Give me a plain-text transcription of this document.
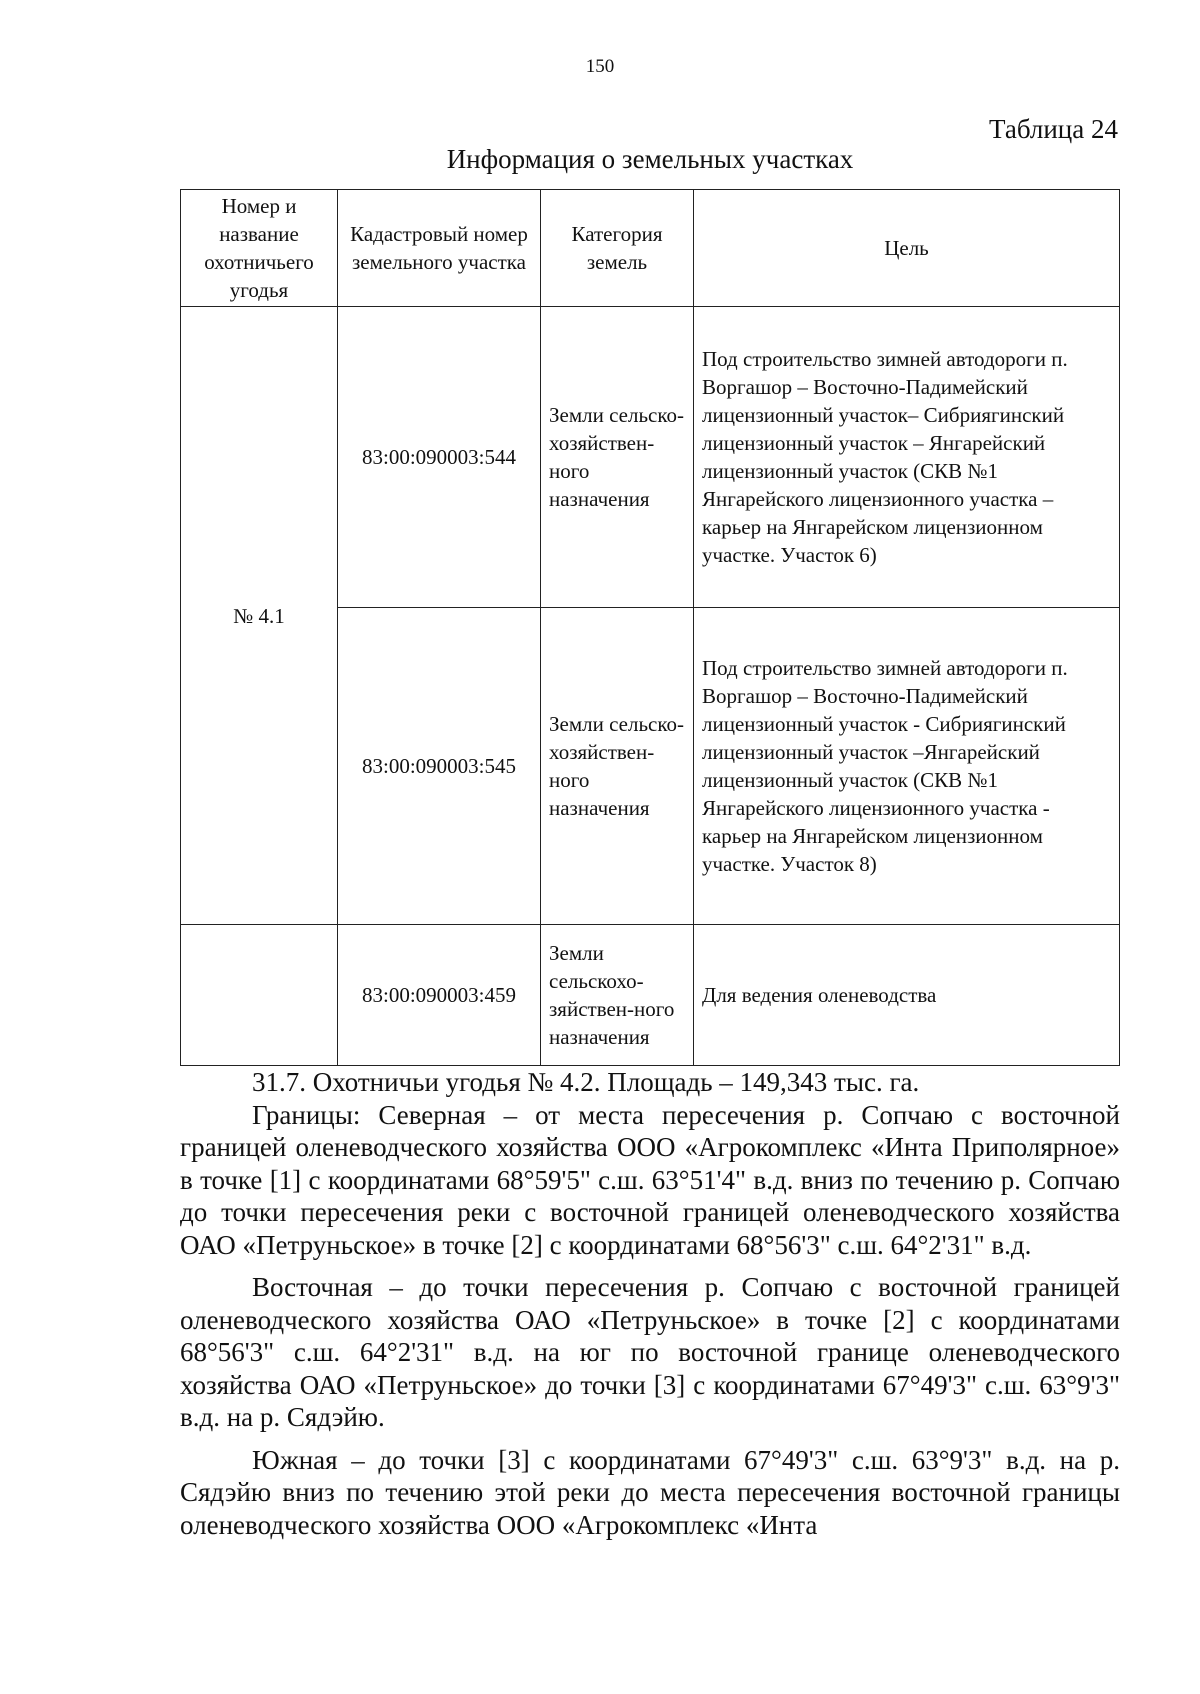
150
Таблица 24
Информация о земельных участках
Номер и название охотничьего угодья	Кадастровый номер земельного участка	Категория земель	Цель
№ 4.1	83:00:090003:544	Земли сельско-хозяйствен-ного назначения	Под строительство зимней автодороги п. Воргашор – Восточно-Падимейский лицензионный участок– Сибриягинский лицензионный участок – Янгарейский лицензионный участок (СКВ №1 Янгарейского лицензионного участка – карьер на Янгарейском лицензионном участке. Участок 6)
	83:00:090003:545	Земли сельско-хозяйствен-ного назначения	Под строительство зимней автодороги п. Воргашор – Восточно-Падимейский лицензионный участок - Сибриягинский лицензионный участок –Янгарейский лицензионный участок (СКВ №1 Янгарейского лицензионного участка - карьер на Янгарейском лицензионном участке. Участок 8)
	83:00:090003:459	Земли сельскохо-зяйствен-ного назначения	Для ведения оленеводства

31.7. Охотничьи угодья № 4.2. Площадь – 149,343 тыс. га.

Границы: Северная – от места пересечения р. Сопчаю с восточной границей оленеводческого хозяйства ООО «Агрокомплекс «Инта Приполярное» в точке [1] с координатами 68°59'5" с.ш. 63°51'4" в.д. вниз по течению р. Сопчаю до точки пересечения реки с восточной границей оленеводческого хозяйства ОАО «Петруньское» в точке [2] с координатами 68°56'3" с.ш. 64°2'31" в.д.

Восточная – до точки пересечения р. Сопчаю с восточной границей оленеводческого хозяйства ОАО «Петруньское» в точке [2] с координатами 68°56'3" с.ш. 64°2'31" в.д. на юг по восточной границе оленеводческого хозяйства ОАО «Петруньское» до точки [3] с координатами 67°49'3" с.ш. 63°9'3" в.д. на р. Сядэйю.

Южная – до точки [3] с координатами 67°49'3" с.ш. 63°9'3" в.д. на р. Сядэйю вниз по течению этой реки до места пересечения восточной границы оленеводческого хозяйства ООО «Агрокомплекс «Инта
